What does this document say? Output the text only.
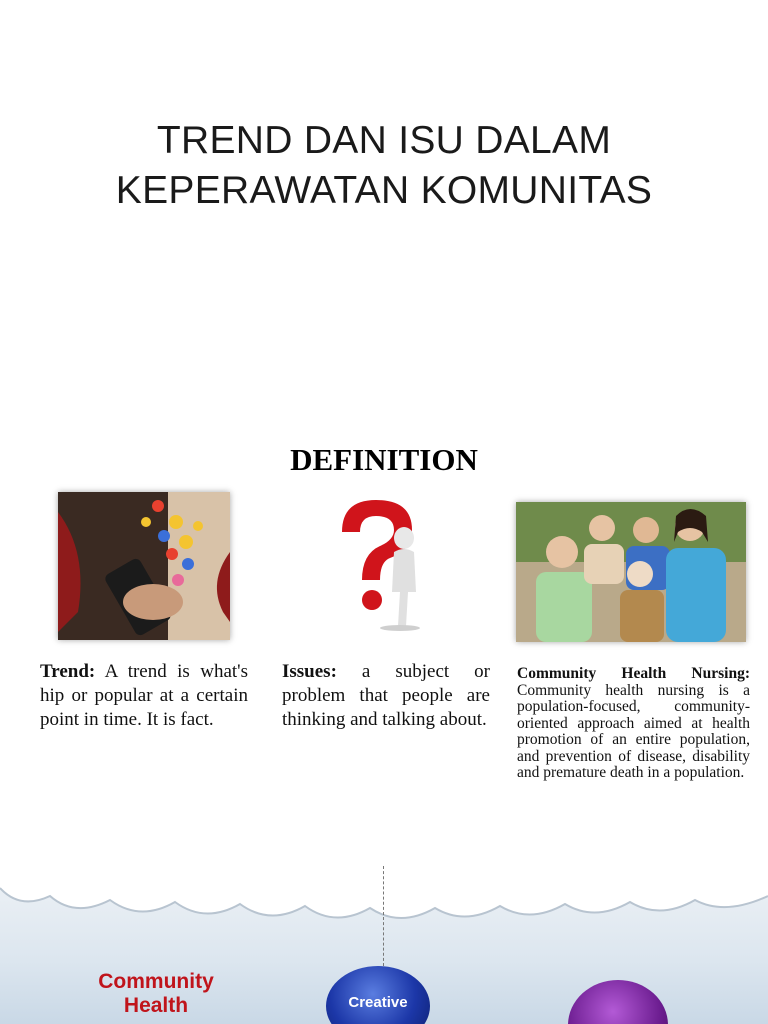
TREND DAN ISU DALAM
KEPERAWATAN KOMUNITAS
DEFINITION

Trend: A trend is what's hip or popular at a certain point in time. It is fact.

Issues: a subject or problem that people are thinking and talking about.

Community Health Nursing: Community health nursing is a population-focused, community-oriented approach aimed at health promotion of an entire population, and prevention of disease, disability and premature death in a population.

Community
Health	Creative
